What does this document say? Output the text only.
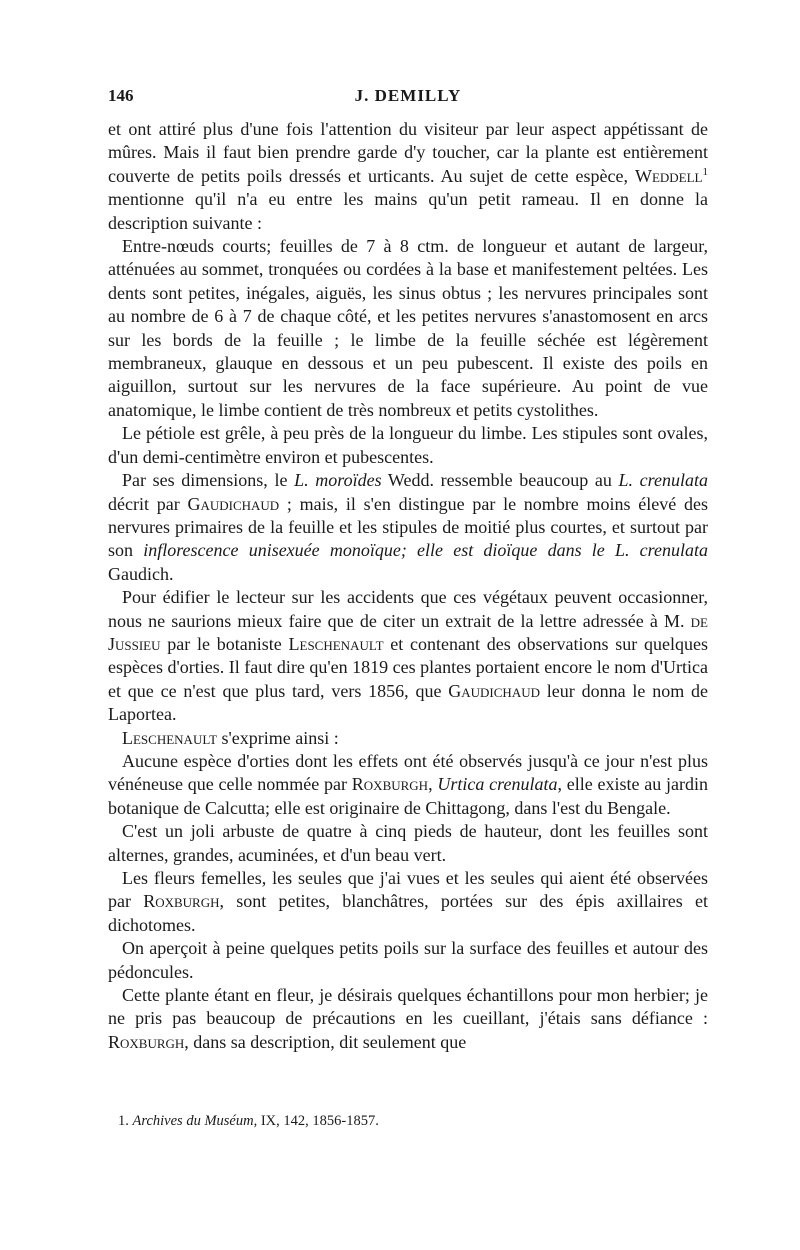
146	J. DEMILLY

et ont attiré plus d'une fois l'attention du visiteur par leur aspect appétissant de mûres. Mais il faut bien prendre garde d'y toucher, car la plante est entièrement couverte de petits poils dressés et urticants. Au sujet de cette espèce, Weddell$^1$ mentionne qu'il n'a eu entre les mains qu'un petit rameau. Il en donne la description suivante :

Entre-nœuds courts; feuilles de 7 à 8 ctm. de longueur et autant de largeur, atténuées au sommet, tronquées ou cordées à la base et manifestement peltées. Les dents sont petites, inégales, aiguës, les sinus obtus ; les nervures principales sont au nombre de 6 à 7 de chaque côté, et les petites nervures s'anastomosent en arcs sur les bords de la feuille ; le limbe de la feuille séchée est légèrement membraneux, glauque en dessous et un peu pubescent. Il existe des poils en aiguillon, surtout sur les nervures de la face supérieure. Au point de vue anatomique, le limbe contient de très nombreux et petits cystolithes.

Le pétiole est grêle, à peu près de la longueur du limbe. Les stipules sont ovales, d'un demi-centimètre environ et pubescentes.

Par ses dimensions, le L. moroïdes Wedd. ressemble beaucoup au L. crenulata décrit par Gaudichaud ; mais, il s'en distingue par le nombre moins élevé des nervures primaires de la feuille et les stipules de moitié plus courtes, et surtout par son inflorescence unisexuée monoïque; elle est dioïque dans le L. crenulata Gaudich.

Pour édifier le lecteur sur les accidents que ces végétaux peuvent occasionner, nous ne saurions mieux faire que de citer un extrait de la lettre adressée à M. de Jussieu par le botaniste Leschenault et contenant des observations sur quelques espèces d'orties. Il faut dire qu'en 1819 ces plantes portaient encore le nom d'Urtica et que ce n'est que plus tard, vers 1856, que Gaudichaud leur donna le nom de Laportea.

Leschenault s'exprime ainsi :

Aucune espèce d'orties dont les effets ont été observés jusqu'à ce jour n'est plus vénéneuse que celle nommée par Roxburgh, Urtica crenulata, elle existe au jardin botanique de Calcutta; elle est originaire de Chittagong, dans l'est du Bengale.

C'est un joli arbuste de quatre à cinq pieds de hauteur, dont les feuilles sont alternes, grandes, acuminées, et d'un beau vert.

Les fleurs femelles, les seules que j'ai vues et les seules qui aient été observées par Roxburgh, sont petites, blanchâtres, portées sur des épis axillaires et dichotomes.

On aperçoit à peine quelques petits poils sur la surface des feuilles et autour des pédoncules.

Cette plante étant en fleur, je désirais quelques échantillons pour mon herbier; je ne pris pas beaucoup de précautions en les cueillant, j'étais sans défiance : Roxburgh, dans sa description, dit seulement que

1. Archives du Muséum, IX, 142, 1856-1857.
